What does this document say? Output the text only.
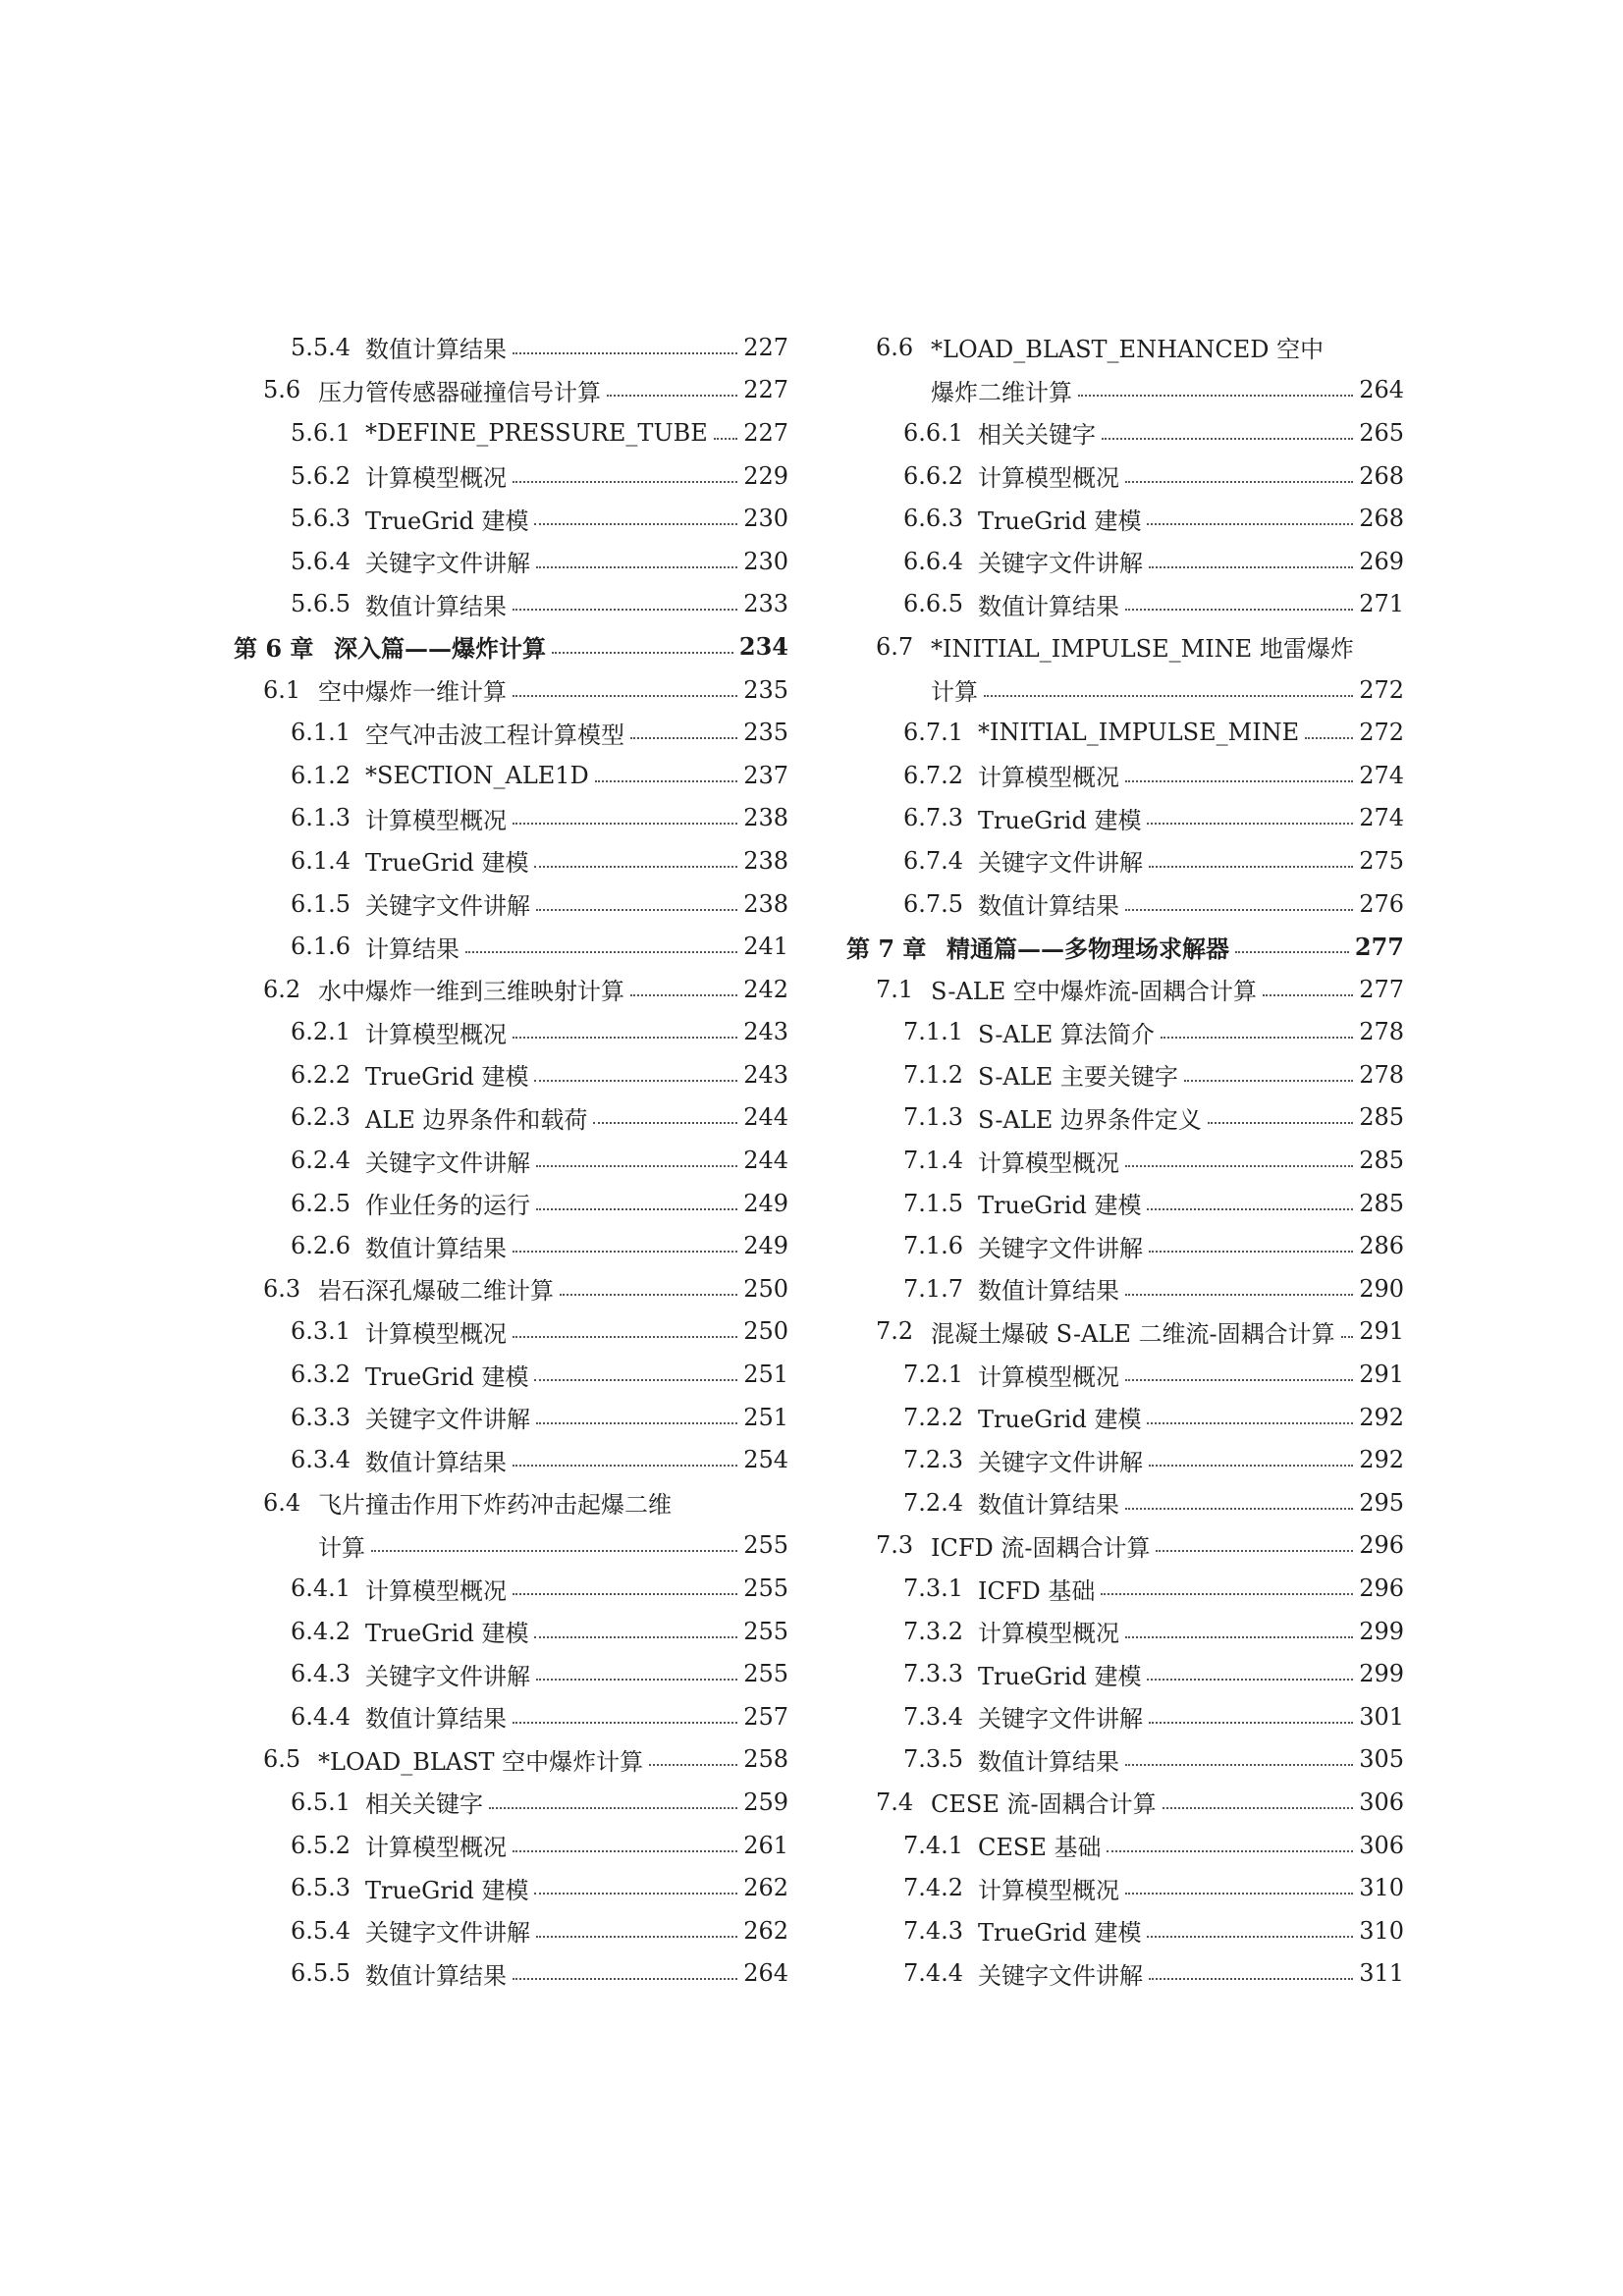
5.5.4 数值计算结果	227
5.6 压力管传感器碰撞信号计算	227
5.6.1 *DEFINE_PRESSURE_TUBE 227
5.6.2 计算模型概况	229
5.6.3 TrueGrid 建模	230
5.6.4 关键字文件讲解	230
5.6.5 数值计算结果	233
第 6 章 深入篇——爆炸计算	234
6.1 空中爆炸一维计算	235
6.1.1 空气冲击波工程计算模型	235
6.1.2 *SECTION_ALE1D	237
6.1.3 计算模型概况	238
6.1.4 TrueGrid 建模	238
6.1.5 关键字文件讲解	238
6.1.6 计算结果	241
6.2 水中爆炸一维到三维映射计算	242
6.2.1 计算模型概况	243
6.2.2 TrueGrid 建模	243
6.2.3 ALE 边界条件和载荷	244
6.2.4 关键字文件讲解	244
6.2.5 作业任务的运行	249
6.2.6 数值计算结果	249
6.3 岩石深孔爆破二维计算	250
6.3.1 计算模型概况	250
6.3.2 TrueGrid 建模	251
6.3.3 关键字文件讲解	251
6.3.4 数值计算结果	254
6.4 飞片撞击作用下炸药冲击起爆二维
计算	255
6.4.1 计算模型概况	255
6.4.2 TrueGrid 建模	255
6.4.3 关键字文件讲解	255
6.4.4 数值计算结果	257
6.5 *LOAD_BLAST 空中爆炸计算	258
6.5.1 相关关键字	259
6.5.2 计算模型概况	261
6.5.3 TrueGrid 建模	262
6.5.4 关键字文件讲解	262
6.5.5 数值计算结果	264
6.6 *LOAD_BLAST_ENHANCED 空中
爆炸二维计算	264
6.6.1 相关关键字	265
6.6.2 计算模型概况	268
6.6.3 TrueGrid 建模	268
6.6.4 关键字文件讲解	269
6.6.5 数值计算结果	271
6.7 *INITIAL_IMPULSE_MINE 地雷爆炸
计算	272
6.7.1 *INITIAL_IMPULSE_MINE	272
6.7.2 计算模型概况	274
6.7.3 TrueGrid 建模	274
6.7.4 关键字文件讲解	275
6.7.5 数值计算结果	276
第 7 章 精通篇——多物理场求解器	277
7.1 S-ALE 空中爆炸流-固耦合计算	277
7.1.1 S-ALE 算法简介	278
7.1.2 S-ALE 主要关键字	278
7.1.3 S-ALE 边界条件定义	285
7.1.4 计算模型概况	285
7.1.5 TrueGrid 建模	285
7.1.6 关键字文件讲解	286
7.1.7 数值计算结果	290
7.2 混凝土爆破 S-ALE 二维流-固耦合计算 291
7.2.1 计算模型概况	291
7.2.2 TrueGrid 建模	292
7.2.3 关键字文件讲解	292
7.2.4 数值计算结果	295
7.3 ICFD 流-固耦合计算	296
7.3.1 ICFD 基础	296
7.3.2 计算模型概况	299
7.3.3 TrueGrid 建模	299
7.3.4 关键字文件讲解	301
7.3.5 数值计算结果	305
7.4 CESE 流-固耦合计算	306
7.4.1 CESE 基础	306
7.4.2 计算模型概况	310
7.4.3 TrueGrid 建模	310
7.4.4 关键字文件讲解	311
